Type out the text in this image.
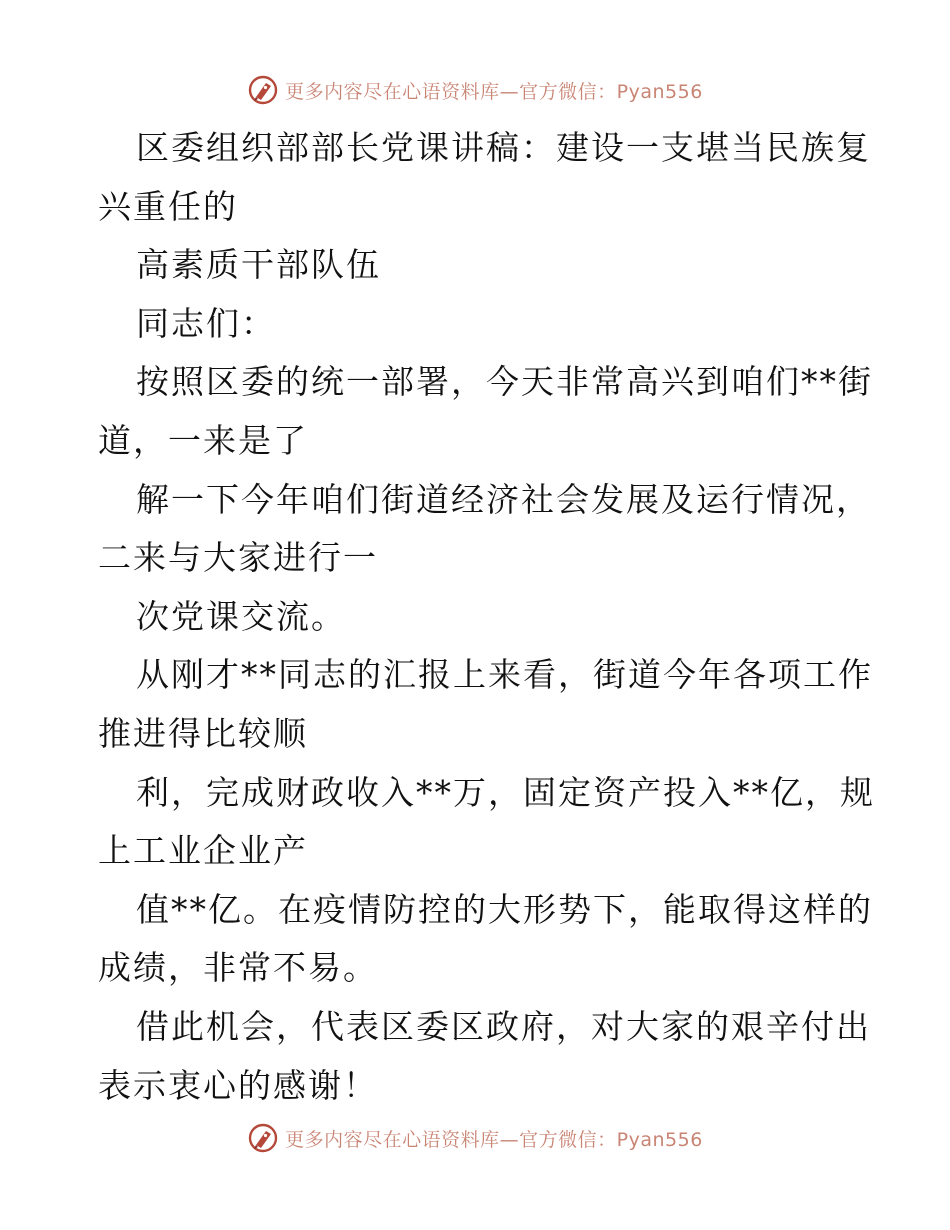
更多内容尽在心语资料库—官方微信：Pyan556
区委组织部部长党课讲稿：建设一支堪当民族复
兴重任的
高素质干部队伍
同志们：
按照区委的统一部署，今天非常高兴到咱们**街
道，一来是了
解一下今年咱们街道经济社会发展及运行情况，
二来与大家进行一
次党课交流。
从刚才**同志的汇报上来看，街道今年各项工作
推进得比较顺
利，完成财政收入**万，固定资产投入**亿，规
上工业企业产
值**亿。在疫情防控的大形势下，能取得这样的
成绩，非常不易。
借此机会，代表区委区政府，对大家的艰辛付出
表示衷心的感谢！
更多内容尽在心语资料库—官方微信：Pyan556
